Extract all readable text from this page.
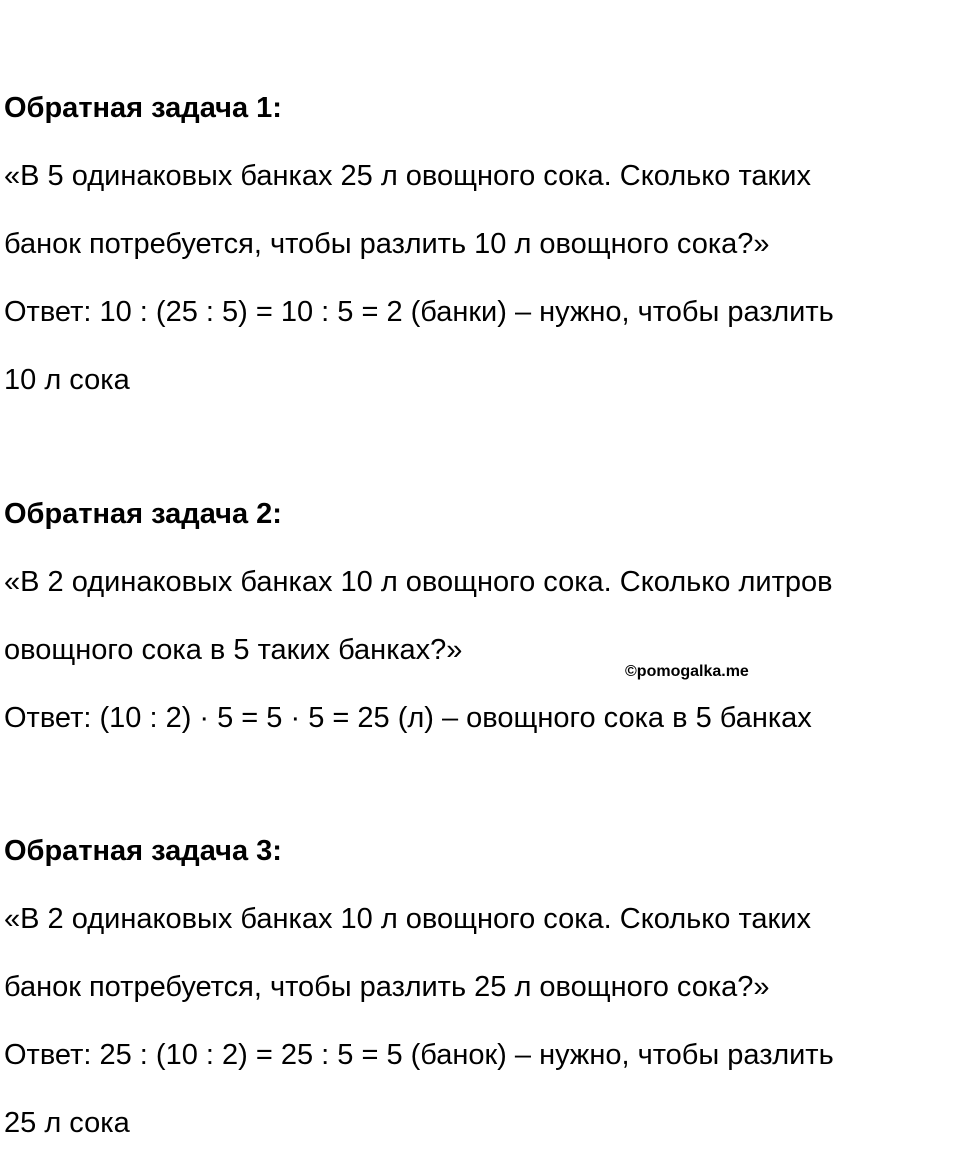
Обратная задача 1:
«В 5 одинаковых банках 25 л овощного сока. Сколько таких
банок потребуется, чтобы разлить 10 л овощного сока?»
Ответ: 10 : (25 : 5) = 10 : 5 = 2 (банки) – нужно, чтобы разлить
10 л сока
Обратная задача 2:
«В 2 одинаковых банках 10 л овощного сока. Сколько литров
овощного сока в 5 таких банках?»
Ответ: (10 : 2) · 5 = 5 · 5 = 25 (л) – овощного сока в 5 банках
©pomogalka.me
Обратная задача 3:
«В 2 одинаковых банках 10 л овощного сока. Сколько таких
банок потребуется, чтобы разлить 25 л овощного сока?»
Ответ: 25 : (10 : 2) = 25 : 5 = 5 (банок) – нужно, чтобы разлить
25 л сока
